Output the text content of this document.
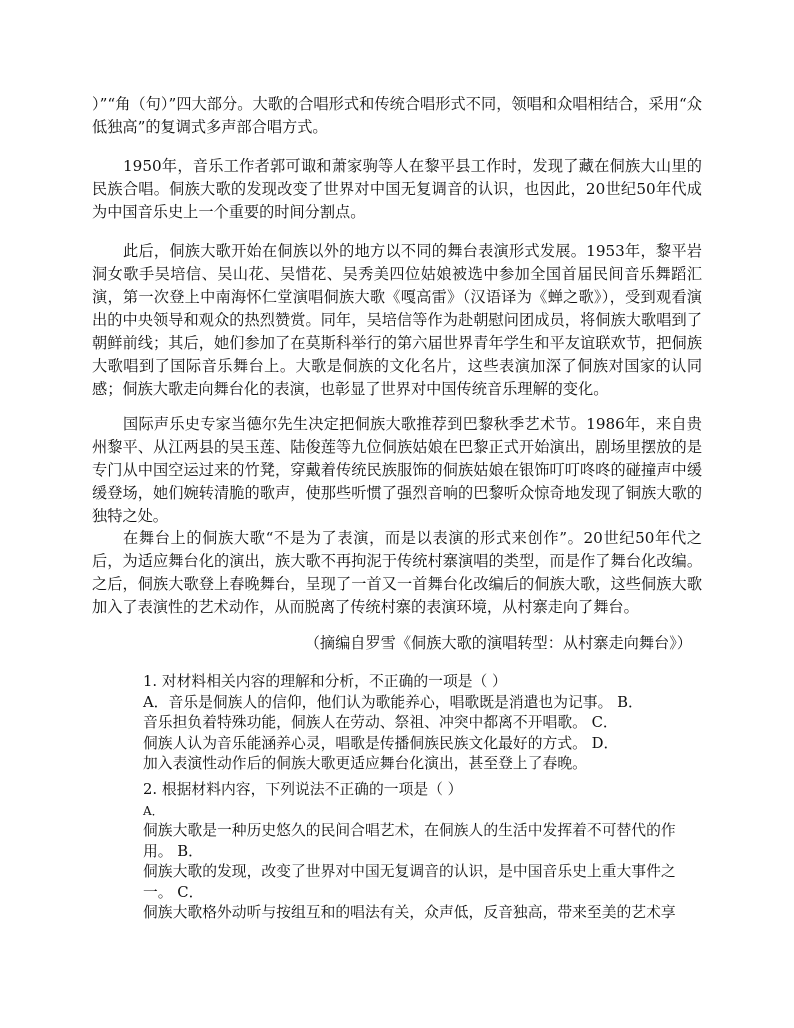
）”“角（句）”四大部分。大歌的合唱形式和传统合唱形式不同，领唱和众唱相结合，采用“众低独高”的复调式多声部合唱方式。

1950年，音乐工作者郭可诹和萧家驹等人在黎平县工作时，发现了藏在侗族大山里的民族合唱。侗族大歌的发现改变了世界对中国无复调音的认识，也因此，20世纪50年代成为中国音乐史上一个重要的时间分割点。

此后，侗族大歌开始在侗族以外的地方以不同的舞台表演形式发展。1953年，黎平岩洞女歌手吴培信、吴山花、吴惜花、吴秀美四位姑娘被选中参加全国首届民间音乐舞蹈汇演，第一次登上中南海怀仁堂演唱侗族大歌《嘎高雷》（汉语译为《蝉之歌》），受到观看演出的中央领导和观众的热烈赞赏。同年，吴培信等作为赴朝慰问团成员，将侗族大歌唱到了朝鲜前线；其后，她们参加了在莫斯科举行的第六届世界青年学生和平友谊联欢节，把侗族大歌唱到了国际音乐舞台上。大歌是侗族的文化名片，这些表演加深了侗族对国家的认同感；侗族大歌走向舞台化的表演，也彰显了世界对中国传统音乐理解的变化。

国际声乐史专家当德尔先生决定把侗族大歌推荐到巴黎秋季艺术节。1986年，来自贵州黎平、从江两县的吴玉莲、陆俊莲等九位侗族姑娘在巴黎正式开始演出，剧场里摆放的是专门从中国空运过来的竹凳，穿戴着传统民族服饰的侗族姑娘在银饰叮叮咚咚的碰撞声中缓缓登场，她们婉转清脆的歌声，使那些听惯了强烈音响的巴黎听众惊奇地发现了铜族大歌的独特之处。

在舞台上的侗族大歌“不是为了表演，而是以表演的形式来创作”。20世纪50年代之后，为适应舞台化的演出，族大歌不再拘泥于传统村寨演唱的类型，而是作了舞台化改编。之后，侗族大歌登上春晚舞台，呈现了一首又一首舞台化改编后的侗族大歌，这些侗族大歌加入了表演性的艺术动作，从而脱离了传统村寨的表演环境，从村寨走向了舞台。

（摘编自罗雪《侗族大歌的演唱转型：从村寨走向舞台》）

1. 对材料相关内容的理解和分析，不正确的一项是（ ）
A．音乐是侗族人的信仰，他们认为歌能养心，唱歌既是消遣也为记事。 B．
音乐担负着特殊功能，侗族人在劳动、祭祖、冲突中都离不开唱歌。 C．
侗族人认为音乐能涵养心灵，唱歌是传播侗族民族文化最好的方式。 D．
加入表演性动作后的侗族大歌更适应舞台化演出，甚至登上了春晚。
2. 根据材料内容，下列说法不正确的一项是（ ）
A．
侗族大歌是一种历史悠久的民间合唱艺术，在侗族人的生活中发挥着不可替代的作用。 B．
侗族大歌的发现，改变了世界对中国无复调音的认识，是中国音乐史上重大事件之一。 C．
侗族大歌格外动听与按组互和的唱法有关，众声低，反音独高，带来至美的艺术享
